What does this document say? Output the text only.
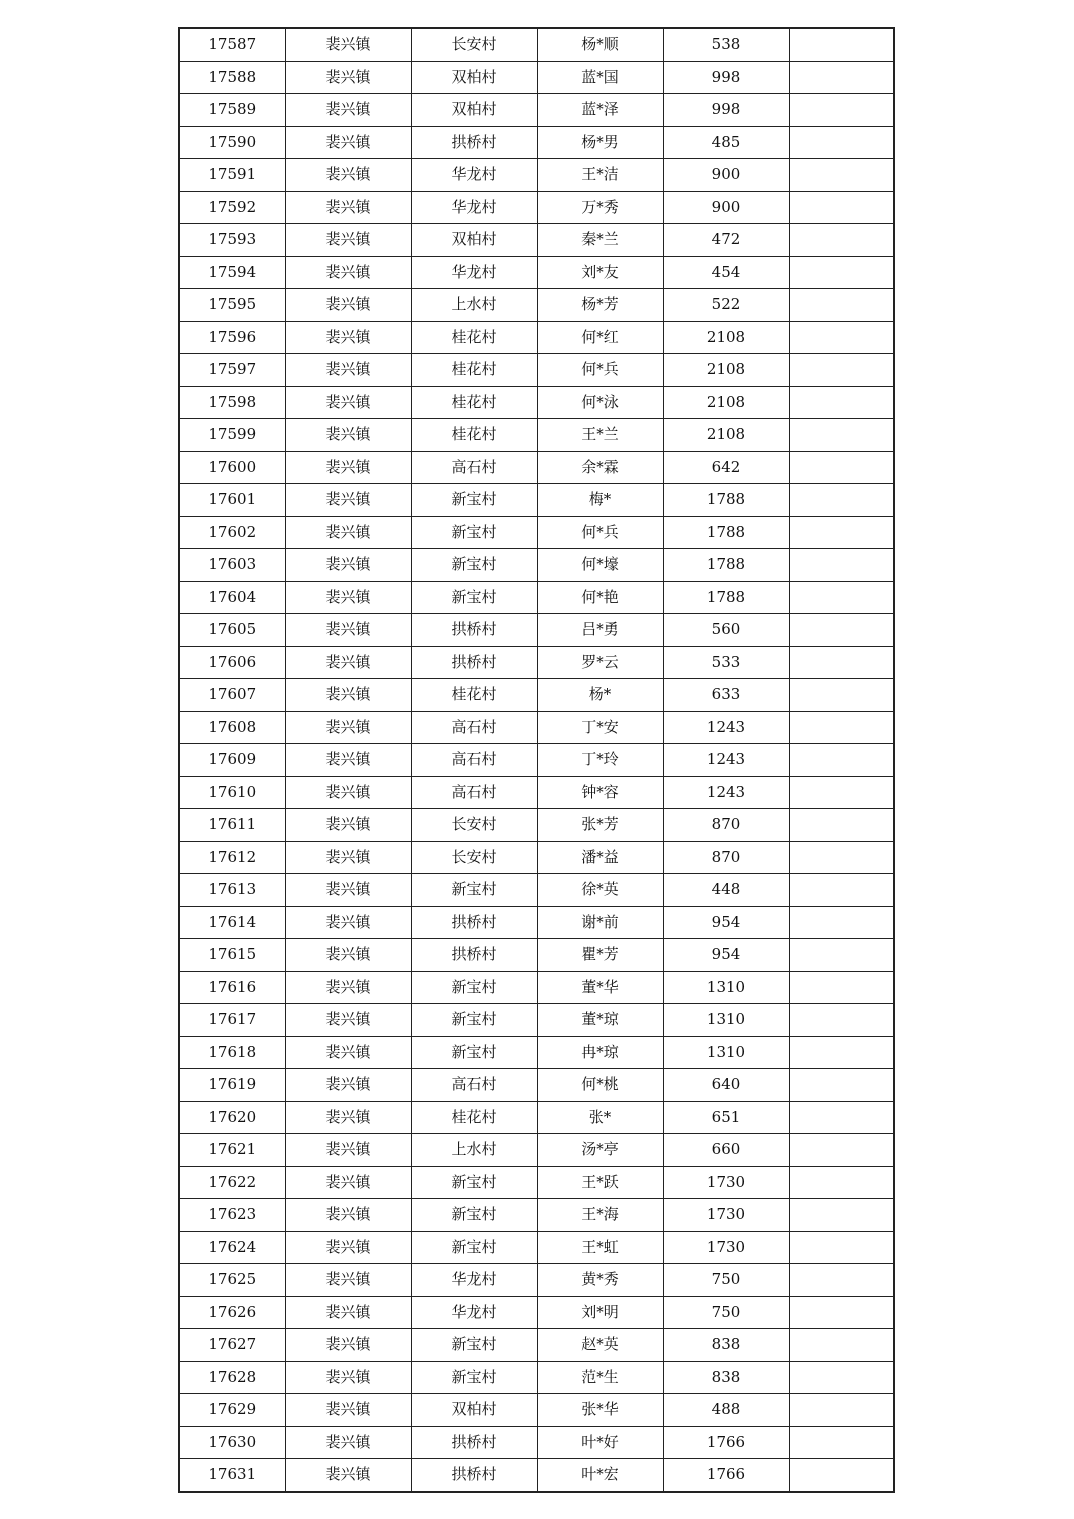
17587	裴兴镇	长安村	杨*顺	538	
17588	裴兴镇	双柏村	蓝*国	998	
17589	裴兴镇	双柏村	蓝*泽	998	
17590	裴兴镇	拱桥村	杨*男	485	
17591	裴兴镇	华龙村	王*洁	900	
17592	裴兴镇	华龙村	万*秀	900	
17593	裴兴镇	双柏村	秦*兰	472	
17594	裴兴镇	华龙村	刘*友	454	
17595	裴兴镇	上水村	杨*芳	522	
17596	裴兴镇	桂花村	何*红	2108	
17597	裴兴镇	桂花村	何*兵	2108	
17598	裴兴镇	桂花村	何*泳	2108	
17599	裴兴镇	桂花村	王*兰	2108	
17600	裴兴镇	高石村	余*霖	642	
17601	裴兴镇	新宝村	梅*	1788	
17602	裴兴镇	新宝村	何*兵	1788	
17603	裴兴镇	新宝村	何*壕	1788	
17604	裴兴镇	新宝村	何*艳	1788	
17605	裴兴镇	拱桥村	吕*勇	560	
17606	裴兴镇	拱桥村	罗*云	533	
17607	裴兴镇	桂花村	杨*	633	
17608	裴兴镇	高石村	丁*安	1243	
17609	裴兴镇	高石村	丁*玲	1243	
17610	裴兴镇	高石村	钟*容	1243	
17611	裴兴镇	长安村	张*芳	870	
17612	裴兴镇	长安村	潘*益	870	
17613	裴兴镇	新宝村	徐*英	448	
17614	裴兴镇	拱桥村	谢*前	954	
17615	裴兴镇	拱桥村	瞿*芳	954	
17616	裴兴镇	新宝村	董*华	1310	
17617	裴兴镇	新宝村	董*琼	1310	
17618	裴兴镇	新宝村	冉*琼	1310	
17619	裴兴镇	高石村	何*桃	640	
17620	裴兴镇	桂花村	张*	651	
17621	裴兴镇	上水村	汤*亭	660	
17622	裴兴镇	新宝村	王*跃	1730	
17623	裴兴镇	新宝村	王*海	1730	
17624	裴兴镇	新宝村	王*虹	1730	
17625	裴兴镇	华龙村	黄*秀	750	
17626	裴兴镇	华龙村	刘*明	750	
17627	裴兴镇	新宝村	赵*英	838	
17628	裴兴镇	新宝村	范*生	838	
17629	裴兴镇	双柏村	张*华	488	
17630	裴兴镇	拱桥村	叶*好	1766	
17631	裴兴镇	拱桥村	叶*宏	1766	
